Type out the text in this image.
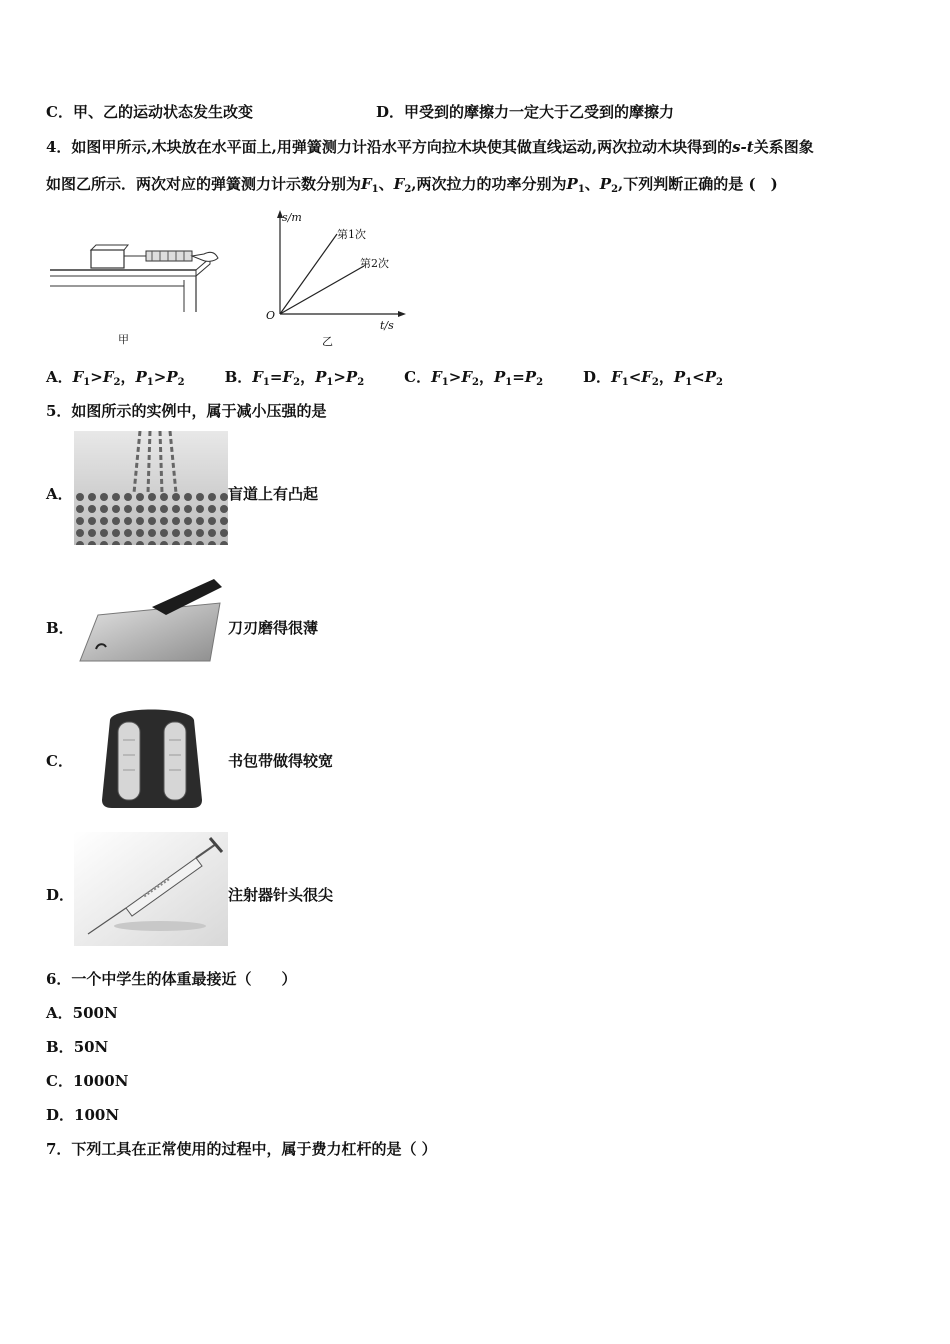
C．甲、乙的运动状态发生改变	D．甲受到的摩擦力一定大于乙受到的摩擦力
4．如图甲所示,木块放在水平面上,用弹簧测力计沿水平方向拉木块使其做直线运动,两次拉动木块得到的s-t关系图象
如图乙所示．两次对应的弹簧测力计示数分别为$F_1$、$F_2$,两次拉力的功率分别为$P_1$、$P_2$,下列判断正确的是 (　)
甲
s/m
t/s
O
第1次
第2次
乙
A．$F_1>F_2$，$P_1>P_2$	B．$F_1=F_2$，$P_1>P_2$	C．$F_1>F_2$，$P_1=P_2$	D．$F_1<F_2$，$P_1<P_2$
5．如图所示的实例中，属于减小压强的是
A．	盲道上有凸起
B．	刀刃磨得很薄
C．	书包带做得较宽
D．	注射器针头很尖
6．一个中学生的体重最接近（　　）
A．500N
B．50N
C．1000N
D．100N
7．下列工具在正常使用的过程中，属于费力杠杆的是（ ）
